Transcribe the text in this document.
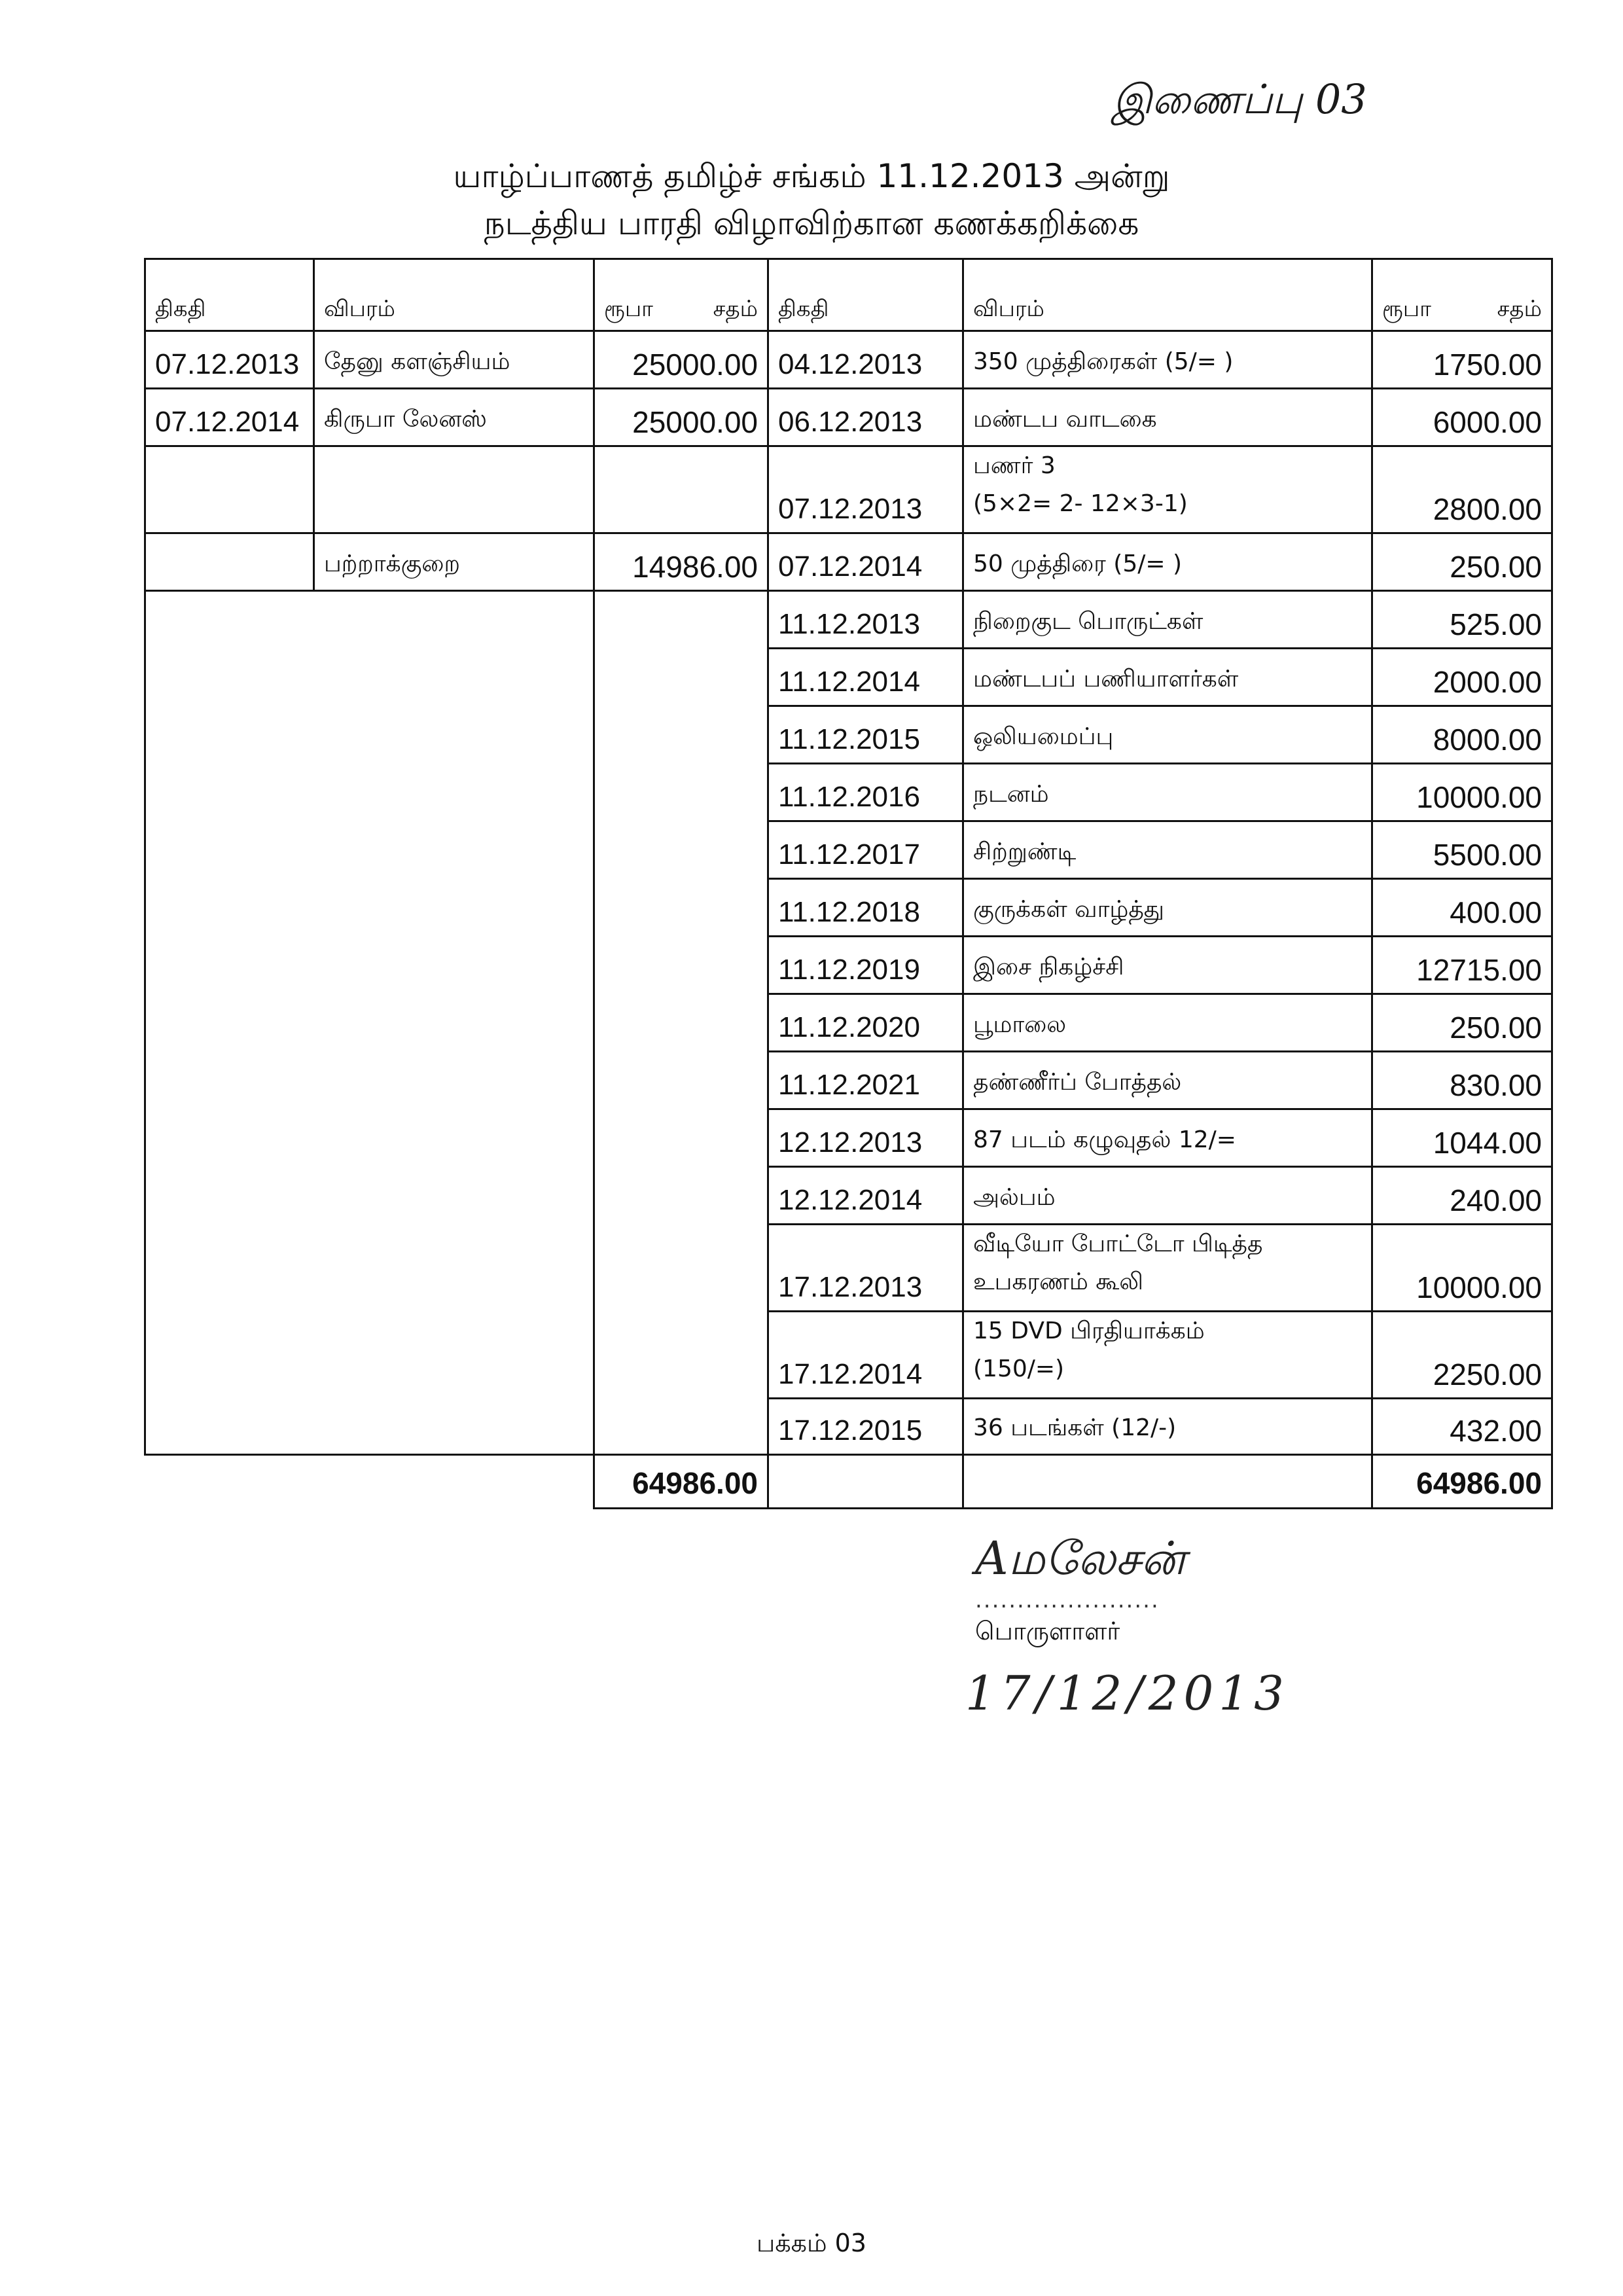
இணைப்பு 03
யாழ்ப்பாணத் தமிழ்ச் சங்கம் 11.12.2013 அன்று
நடத்திய பாரதி விழாவிற்கான கணக்கறிக்கை
திகதி	விபரம்	ரூபா சதம்	திகதி	விபரம்	ரூபா சதம்

07.12.2013	தேனு களஞ்சியம்	25000.00	04.12.2013	350 முத்திரைகள் (5/= )	1750.00
07.12.2014	கிருபா லேனஸ்	25000.00	06.12.2013	மண்டப வாடகை	6000.00
			07.12.2013	பணர் 3
(5×2= 2- 12×3-1)	2800.00
	பற்றாக்குறை	14986.00	07.12.2014	50 முத்திரை (5/= )	250.00
			11.12.2013	நிறைகுட பொருட்கள்	525.00
			11.12.2014	மண்டபப் பணியாளர்கள்	2000.00
			11.12.2015	ஒலியமைப்பு	8000.00
			11.12.2016	நடனம்	10000.00
			11.12.2017	சிற்றுண்டி	5500.00
			11.12.2018	குருக்கள் வாழ்த்து	400.00
			11.12.2019	இசை நிகழ்ச்சி	12715.00
			11.12.2020	பூமாலை	250.00
			11.12.2021	தண்ணீர்ப் போத்தல்	830.00
			12.12.2013	87 படம் கழுவுதல் 12/=	1044.00
			12.12.2014	அல்பம்	240.00
			17.12.2013	வீடியோ போட்டோ பிடித்த
உபகரணம் கூலி	10000.00
			17.12.2014	15 DVD பிரதியாக்கம்
(150/=)	2250.00
			17.12.2015	36 படங்கள் (12/-)	432.00
		64986.00			64986.00
Aமலேசன்
......................
பொருளாளர்
17/12/2013
பக்கம் 03
